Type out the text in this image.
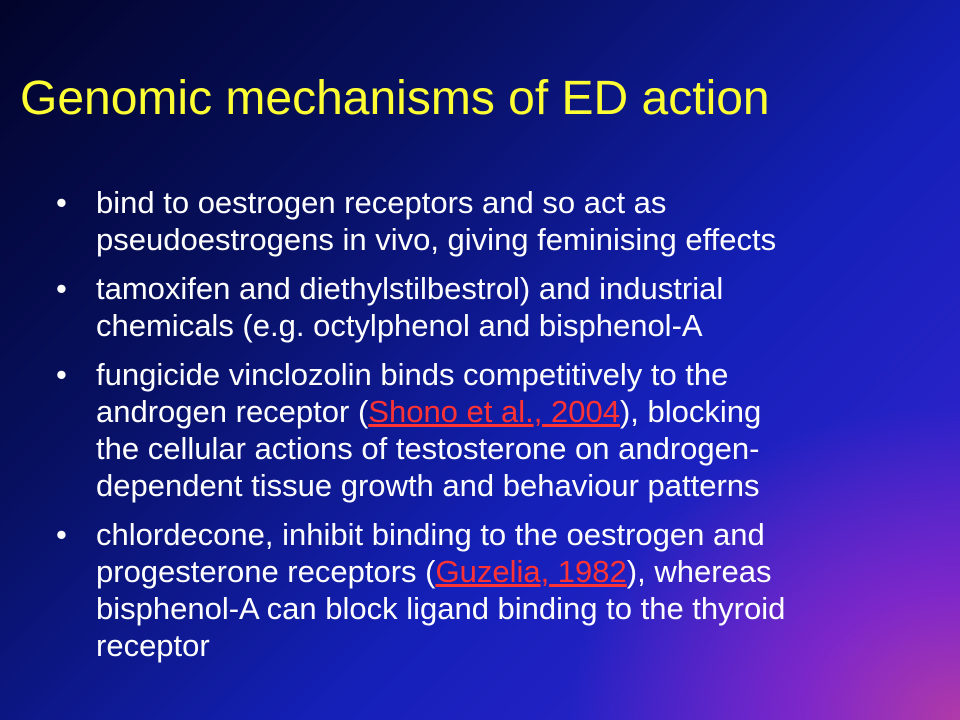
Genomic mechanisms of ED action
• bind to oestrogen receptors and so act as
pseudoestrogens in vivo, giving feminising effects
• tamoxifen and diethylstilbestrol) and industrial
chemicals (e.g. octylphenol and bisphenol-A
• fungicide vinclozolin binds competitively to the
androgen receptor (Shono et al., 2004), blocking
the cellular actions of testosterone on androgen-
dependent tissue growth and behaviour patterns
• chlordecone, inhibit binding to the oestrogen and
progesterone receptors (Guzelia, 1982), whereas
bisphenol-A can block ligand binding to the thyroid
receptor
